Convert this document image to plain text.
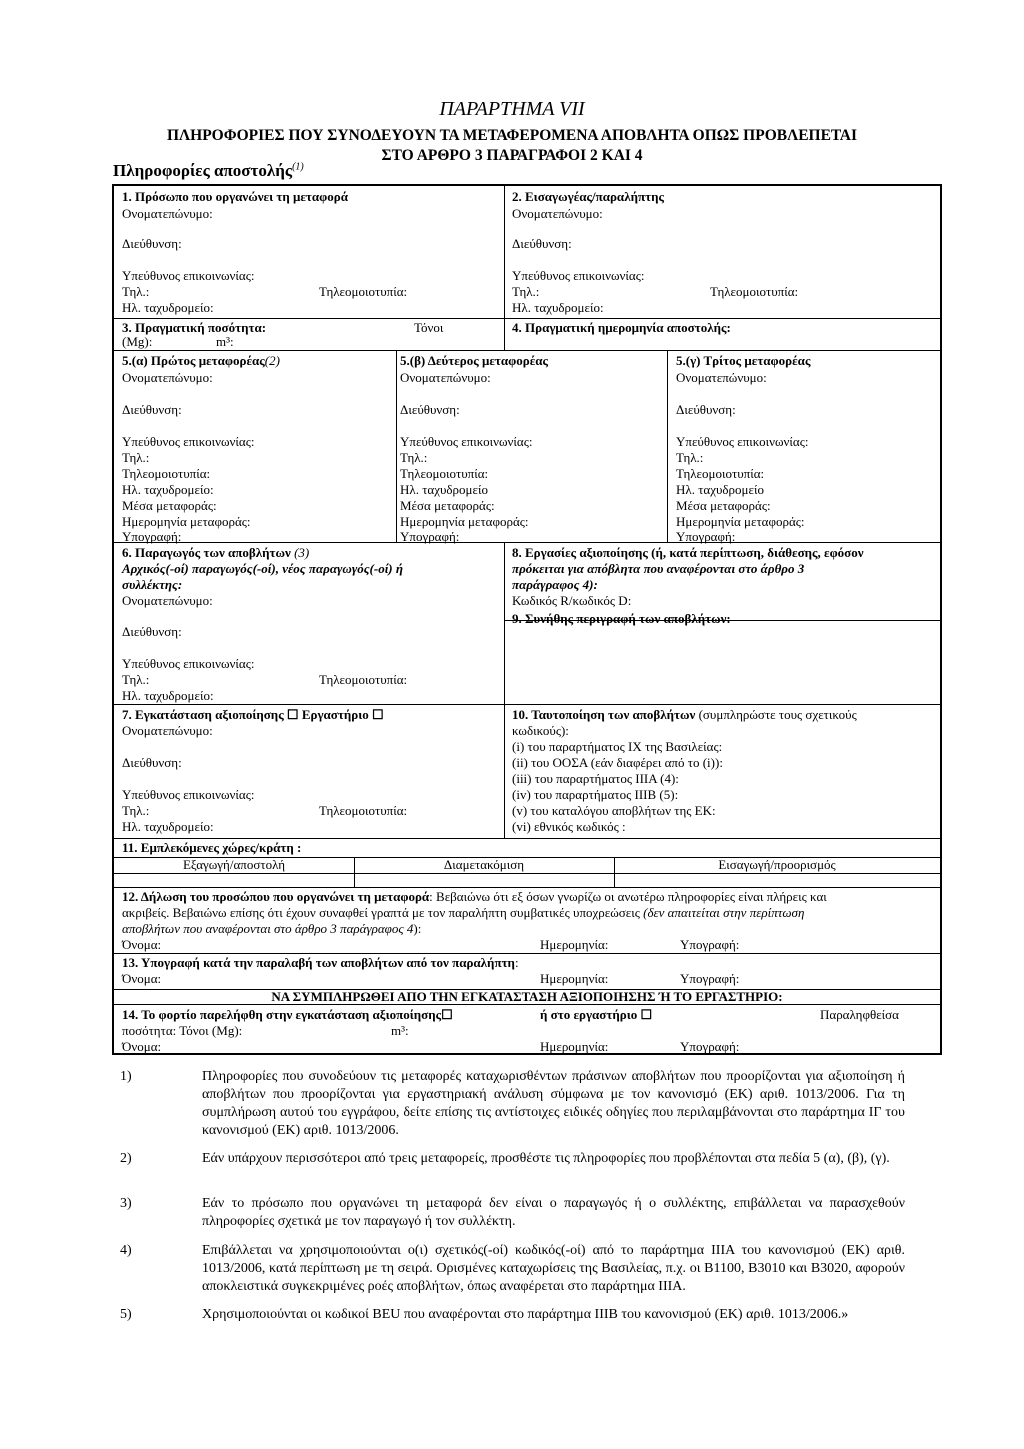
ΠΑΡΑΡΤΗΜΑ VII
ΠΛΗΡΟΦΟΡΙΕΣ ΠΟΥ ΣΥΝΟΔΕΥΟΥΝ ΤΑ ΜΕΤΑΦΕΡΟΜΕΝΑ ΑΠΟΒΛΗΤΑ ΟΠΩΣ ΠΡΟΒΛΕΠΕΤΑΙ
ΣΤΟ ΑΡΘΡΟ 3 ΠΑΡΑΓΡΑΦΟΙ 2 ΚΑΙ 4
Πληροφορίες αποστολής$^{(1)}$
1. Πρόσωπο που οργανώνει τη μεταφορά
Ονοματεπώνυμο:
Διεύθυνση:
Υπεύθυνος επικοινωνίας:
Τηλ.:	Τηλεομοιοτυπία:
Ηλ. ταχυδρομείο:
2. Εισαγωγέας/παραλήπτης
Ονοματεπώνυμο:
Διεύθυνση:
Υπεύθυνος επικοινωνίας:
Τηλ.:	Τηλεομοιοτυπία:
Ηλ. ταχυδρομείο:
3. Πραγματική ποσότητα:	Τόνοι
(Mg):	m³:
4. Πραγματική ημερομηνία αποστολής:
5.(α) Πρώτος μεταφορέας(2)
Ονοματεπώνυμο:
Διεύθυνση:
Υπεύθυνος επικοινωνίας:
Τηλ.:
Τηλεομοιοτυπία:
Ηλ. ταχυδρομείο:
Μέσα μεταφοράς:
Ημερομηνία μεταφοράς:
Υπογραφή:
5.(β) Δεύτερος μεταφορέας
Ονοματεπώνυμο:
Διεύθυνση:
Υπεύθυνος επικοινωνίας:
Τηλ.:
Τηλεομοιοτυπία:
Ηλ. ταχυδρομείο
Μέσα μεταφοράς:
Ημερομηνία μεταφοράς:
Υπογραφή:
5.(γ) Τρίτος μεταφορέας
Ονοματεπώνυμο:
Διεύθυνση:
Υπεύθυνος επικοινωνίας:
Τηλ.:
Τηλεομοιοτυπία:
Ηλ. ταχυδρομείο
Μέσα μεταφοράς:
Ημερομηνία μεταφοράς:
Υπογραφή:
6. Παραγωγός των αποβλήτων (3)
Αρχικός(-οί) παραγωγός(-οί), νέος παραγωγός(-οί) ή
συλλέκτης:
Ονοματεπώνυμο:
Διεύθυνση:
Υπεύθυνος επικοινωνίας:
Τηλ.:	Τηλεομοιοτυπία:
Ηλ. ταχυδρομείο:
7. Εγκατάσταση αξιοποίησης ☐ Εργαστήριο ☐
Ονοματεπώνυμο:
Διεύθυνση:
Υπεύθυνος επικοινωνίας:
Τηλ.:	Τηλεομοιοτυπία:
Ηλ. ταχυδρομείο:
8. Εργασίες αξιοποίησης (ή, κατά περίπτωση, διάθεσης, εφόσον
πρόκειται για απόβλητα που αναφέρονται στο άρθρο 3
παράγραφος 4):
Κωδικός R/κωδικός D:
9. Συνήθης περιγραφή των αποβλήτων:
10. Ταυτοποίηση των αποβλήτων (συμπληρώστε τους σχετικούς
κωδικούς):
(i) του παραρτήματος IX της Βασιλείας:
(ii) του ΟΟΣΑ (εάν διαφέρει από το (i)):
(iii) του παραρτήματος IIIA (4):
(iv) του παραρτήματος IIIB (5):
(v) του καταλόγου αποβλήτων της ΕΚ:
(vi) εθνικός κωδικός :
11. Εμπλεκόμενες χώρες/κράτη :
Εξαγωγή/αποστολή	Διαμετακόμιση	Εισαγωγή/προορισμός
12. Δήλωση του προσώπου που οργανώνει τη μεταφορά: Βεβαιώνω ότι εξ όσων γνωρίζω οι ανωτέρω πληροφορίες είναι πλήρεις και
ακριβείς. Βεβαιώνω επίσης ότι έχουν συναφθεί γραπτά με τον παραλήπτη συμβατικές υποχρεώσεις (δεν απαιτείται στην περίπτωση
αποβλήτων που αναφέρονται στο άρθρο 3 παράγραφος 4):
Όνομα:	Ημερομηνία:	Υπογραφή:
13. Υπογραφή κατά την παραλαβή των αποβλήτων από τον παραλήπτη:
Όνομα:	Ημερομηνία:	Υπογραφή:
ΝΑ ΣΥΜΠΛΗΡΩΘΕΙ ΑΠΟ ΤΗΝ ΕΓΚΑΤΑΣΤΑΣΗ ΑΞΙΟΠΟΙΗΣΗΣ Ή ΤΟ ΕΡΓΑΣΤΗΡΙΟ:
14. Το φορτίο παρελήφθη στην εγκατάσταση αξιοποίησης☐	ή στο εργαστήριο ☐	Παραληφθείσα
ποσότητα: Τόνοι (Mg):	m³:
Όνομα:	Ημερομηνία:	Υπογραφή:
1)	Πληροφορίες που συνοδεύουν τις μεταφορές καταχωρισθέντων πράσινων αποβλήτων που προορίζονται για αξιοποίηση ή αποβλήτων που προορίζονται για εργαστηριακή ανάλυση σύμφωνα με τον κανονισμό (ΕΚ) αριθ. 1013/2006. Για τη συμπλήρωση αυτού του εγγράφου, δείτε επίσης τις αντίστοιχες ειδικές οδηγίες που περιλαμβάνονται στο παράρτημα ΙΓ του κανονισμού (ΕΚ) αριθ. 1013/2006.
2)	Εάν υπάρχουν περισσότεροι από τρεις μεταφορείς, προσθέστε τις πληροφορίες που προβλέπονται στα πεδία 5 (α), (β), (γ).
3)	Εάν το πρόσωπο που οργανώνει τη μεταφορά δεν είναι ο παραγωγός ή ο συλλέκτης, επιβάλλεται να παρασχεθούν πληροφορίες σχετικά με τον παραγωγό ή τον συλλέκτη.
4)	Επιβάλλεται να χρησιμοποιούνται ο(ι) σχετικός(-οί) κωδικός(-οί) από το παράρτημα IIIA του κανονισμού (ΕΚ) αριθ. 1013/2006, κατά περίπτωση με τη σειρά. Ορισμένες καταχωρίσεις της Βασιλείας, π.χ. οι B1100, B3010 και B3020, αφορούν αποκλειστικά συγκεκριμένες ροές αποβλήτων, όπως αναφέρεται στο παράρτημα IIIA.
5)	Χρησιμοποιούνται οι κωδικοί BEU που αναφέρονται στο παράρτημα IIIB του κανονισμού (ΕΚ) αριθ. 1013/2006.»
